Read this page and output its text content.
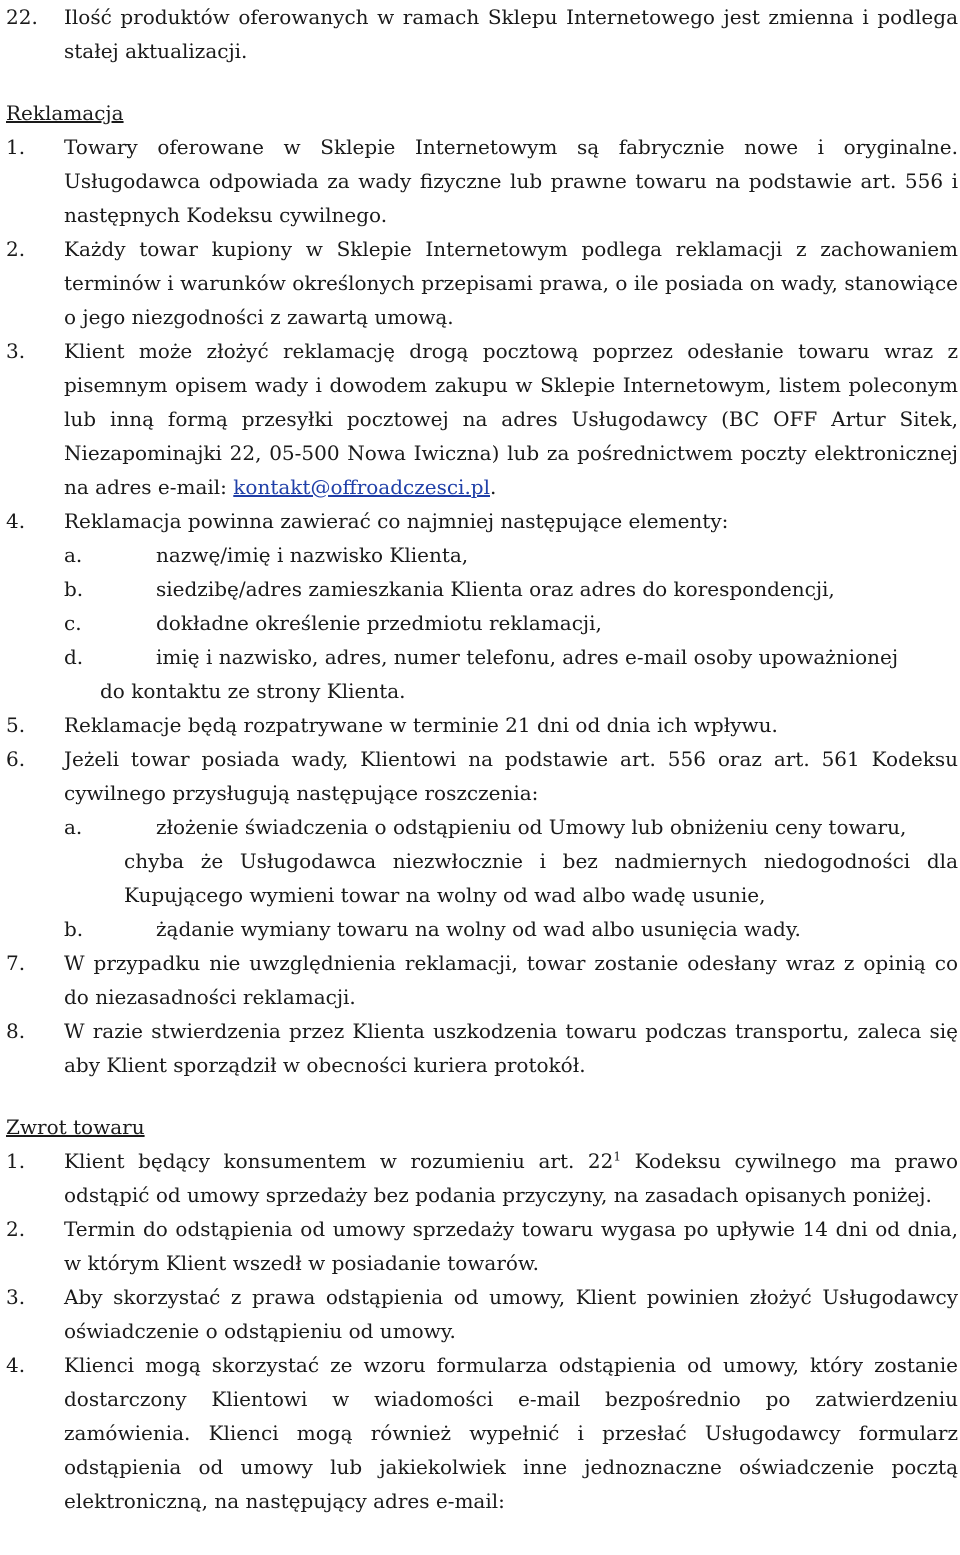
22. Ilość produktów oferowanych w ramach Sklepu Internetowego jest zmienna i podlega stałej aktualizacji.

Reklamacja

1. Towary oferowane w Sklepie Internetowym są fabrycznie nowe i oryginalne. Usługodawca odpowiada za wady fizyczne lub prawne towaru na podstawie art. 556 i następnych Kodeksu cywilnego.

2. Każdy towar kupiony w Sklepie Internetowym podlega reklamacji z zachowaniem terminów i warunków określonych przepisami prawa, o ile posiada on wady, stanowiące o jego niezgodności z zawartą umową.

3. Klient może złożyć reklamację drogą pocztową poprzez odesłanie towaru wraz z pisemnym opisem wady i dowodem zakupu w Sklepie Internetowym, listem poleconym lub inną formą przesyłki pocztowej na adres Usługodawcy (BC OFF Artur Sitek, Niezapominajki 22, 05-500 Nowa Iwiczna) lub za pośrednictwem poczty elektronicznej na adres e-mail: kontakt@offroadczesci.pl.

4. Reklamacja powinna zawierać co najmniej następujące elementy:

a.	nazwę/imię i nazwisko Klienta,

b.	siedzibę/adres zamieszkania Klienta oraz adres do korespondencji,

c.	dokładne określenie przedmiotu reklamacji,

d.	imię i nazwisko, adres, numer telefonu, adres e-mail osoby upoważnionej
do kontaktu ze strony Klienta.

5. Reklamacje będą rozpatrywane w terminie 21 dni od dnia ich wpływu.

6. Jeżeli towar posiada wady, Klientowi na podstawie art. 556 oraz art. 561 Kodeksu cywilnego przysługują następujące roszczenia:

a.	złożenie świadczenia o odstąpieniu od Umowy lub obniżeniu ceny towaru,
chyba że Usługodawca niezwłocznie i bez nadmiernych niedogodności dla Kupującego wymieni towar na wolny od wad albo wadę usunie,

b.	żądanie wymiany towaru na wolny od wad albo usunięcia wady.

7. W przypadku nie uwzględnienia reklamacji, towar zostanie odesłany wraz z opinią co do niezasadności reklamacji.

8. W razie stwierdzenia przez Klienta uszkodzenia towaru podczas transportu, zaleca się aby Klient sporządził w obecności kuriera protokół.

Zwrot towaru

1. Klient będący konsumentem w rozumieniu art. $22^1$ Kodeksu cywilnego ma prawo odstąpić od umowy sprzedaży bez podania przyczyny, na zasadach opisanych poniżej.

2. Termin do odstąpienia od umowy sprzedaży towaru wygasa po upływie 14 dni od dnia, w którym Klient wszedł w posiadanie towarów.

3. Aby skorzystać z prawa odstąpienia od umowy, Klient powinien złożyć Usługodawcy oświadczenie o odstąpieniu od umowy.

4. Klienci mogą skorzystać ze wzoru formularza odstąpienia od umowy, który zostanie dostarczony Klientowi w wiadomości e-mail bezpośrednio po zatwierdzeniu zamówienia. Klienci mogą również wypełnić i przesłać Usługodawcy formularz odstąpienia od umowy lub jakiekolwiek inne jednoznaczne oświadczenie pocztą elektroniczną, na następujący adres e-mail:
